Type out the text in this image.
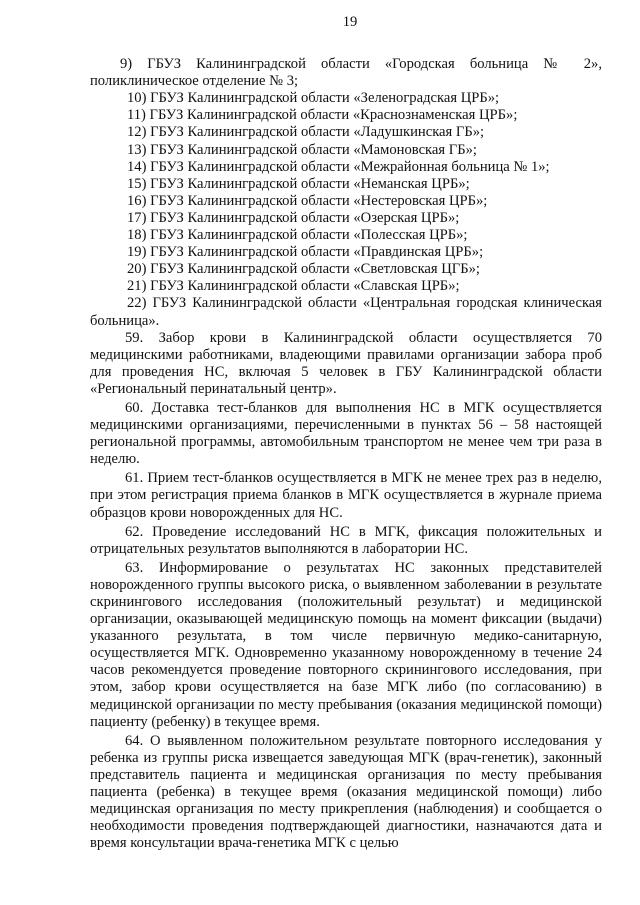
19

9) ГБУЗ Калининградской области «Городская больница № 2», поликлиническое отделение № 3;

10) ГБУЗ Калининградской области «Зеленоградская ЦРБ»;

11) ГБУЗ Калининградской области «Краснознаменская ЦРБ»;

12) ГБУЗ Калининградской области «Ладушкинская ГБ»;

13) ГБУЗ Калининградской области «Мамоновская ГБ»;

14) ГБУЗ Калининградской области «Межрайонная больница № 1»;

15) ГБУЗ Калининградской области «Неманская ЦРБ»;

16) ГБУЗ Калининградской области «Нестеровская ЦРБ»;

17) ГБУЗ Калининградской области «Озерская ЦРБ»;

18) ГБУЗ Калининградской области «Полесская ЦРБ»;

19) ГБУЗ Калининградской области «Правдинская ЦРБ»;

20) ГБУЗ Калининградской области «Светловская ЦГБ»;

21) ГБУЗ Калининградской области «Славская ЦРБ»;

22) ГБУЗ Калининградской области «Центральная городская клиническая больница».

59. Забор крови в Калининградской области осуществляется 70 медицинскими работниками, владеющими правилами организации забора проб для проведения НС, включая 5 человек в ГБУ Калининградской области «Региональный перинатальный центр».

60. Доставка тест-бланков для выполнения НС в МГК осуществляется медицинскими организациями, перечисленными в пунктах 56 – 58 настоящей региональной программы, автомобильным транспортом не менее чем три раза в неделю.

61. Прием тест-бланков осуществляется в МГК не менее трех раз в неделю, при этом регистрация приема бланков в МГК осуществляется в журнале приема образцов крови новорожденных для НС.

62. Проведение исследований НС в МГК, фиксация положительных и отрицательных результатов выполняются в лаборатории НС.

63. Информирование о результатах НС законных представителей новорожденного группы высокого риска, о выявленном заболевании в результате скринингового исследования (положительный результат) и медицинской организации, оказывающей медицинскую помощь на момент фиксации (выдачи) указанного результата, в том числе первичную медико-санитарную, осуществляется МГК. Одновременно указанному новорожденному в течение 24 часов рекомендуется проведение повторного скринингового исследования, при этом, забор крови осуществляется на базе МГК либо (по согласованию) в медицинской организации по месту пребывания (оказания медицинской помощи) пациенту (ребенку) в текущее время.

64. О выявленном положительном результате повторного исследования у ребенка из группы риска извещается заведующая МГК (врач-генетик), законный представитель пациента и медицинская организация по месту пребывания пациента (ребенка) в текущее время (оказания медицинской помощи) либо медицинская организация по месту прикрепления (наблюдения) и сообщается о необходимости проведения подтверждающей диагностики, назначаются дата и время консультации врача-генетика МГК с целью
